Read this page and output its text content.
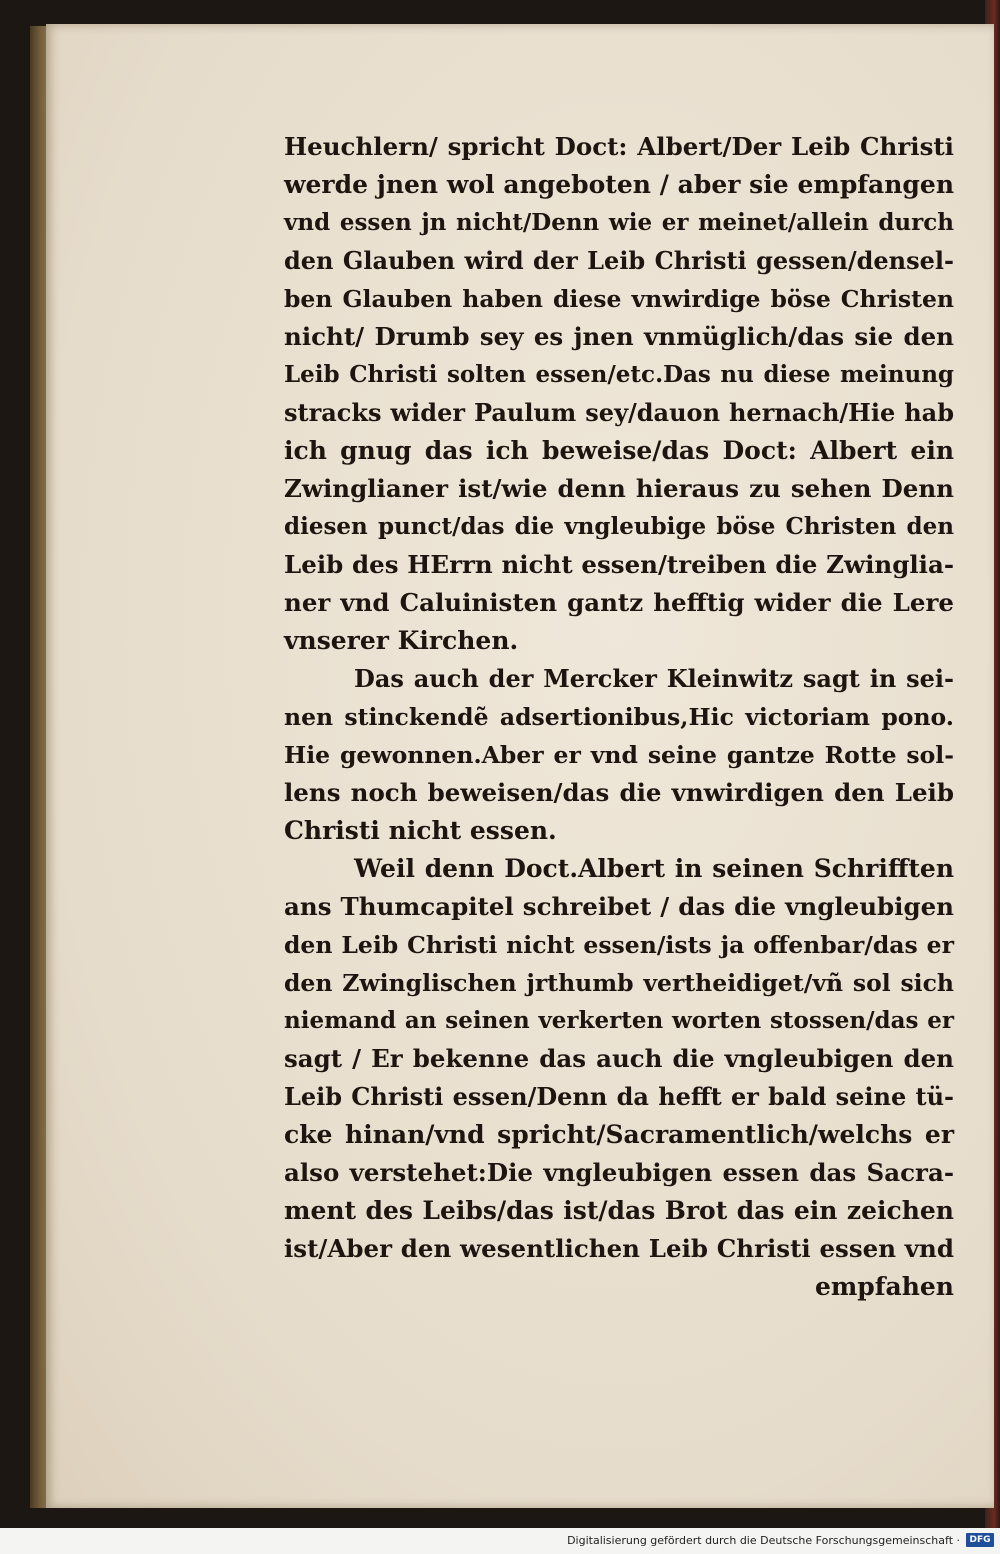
Heuchlern/ spricht Doct: Albert/Der Leib Christi
werde jnen wol angeboten / aber sie empfangen
vnd essen jn nicht/Denn wie er meinet/allein durch
den Glauben wird der Leib Christi gessen/densel-
ben Glauben haben diese vnwirdige böse Christen
nicht/ Drumb sey es jnen vnmüglich/das sie den
Leib Christi solten essen/etc.Das nu diese meinung
stracks wider Paulum sey/dauon hernach/Hie hab
ich gnug das ich beweise/das Doct: Albert ein
Zwinglianer ist/wie denn hieraus zu sehen Denn
diesen punct/das die vngleubige böse Christen den
Leib des HErrn nicht essen/treiben die Zwinglia-
ner vnd Caluinisten gantz hefftig wider die Lere
vnserer Kirchen.
Das auch der Mercker Kleinwitz sagt in sei-
nen stinckendẽ adsertionibus,Hic victoriam pono.
Hie gewonnen.Aber er vnd seine gantze Rotte sol-
lens noch beweisen/das die vnwirdigen den Leib
Christi nicht essen.
Weil denn Doct.Albert in seinen Schrifften
ans Thumcapitel schreibet / das die vngleubigen
den Leib Christi nicht essen/ists ja offenbar/das er
den Zwinglischen jrthumb vertheidiget/vñ sol sich
niemand an seinen verkerten worten stossen/das er
sagt / Er bekenne das auch die vngleubigen den
Leib Christi essen/Denn da hefft er bald seine tü-
cke hinan/vnd spricht/Sacramentlich/welchs er
also verstehet:Die vngleubigen essen das Sacra-
ment des Leibs/das ist/das Brot das ein zeichen
ist/Aber den wesentlichen Leib Christi essen vnd
empfahen
Digitalisierung gefördert durch die Deutsche Forschungsgemeinschaft ·	DFG
